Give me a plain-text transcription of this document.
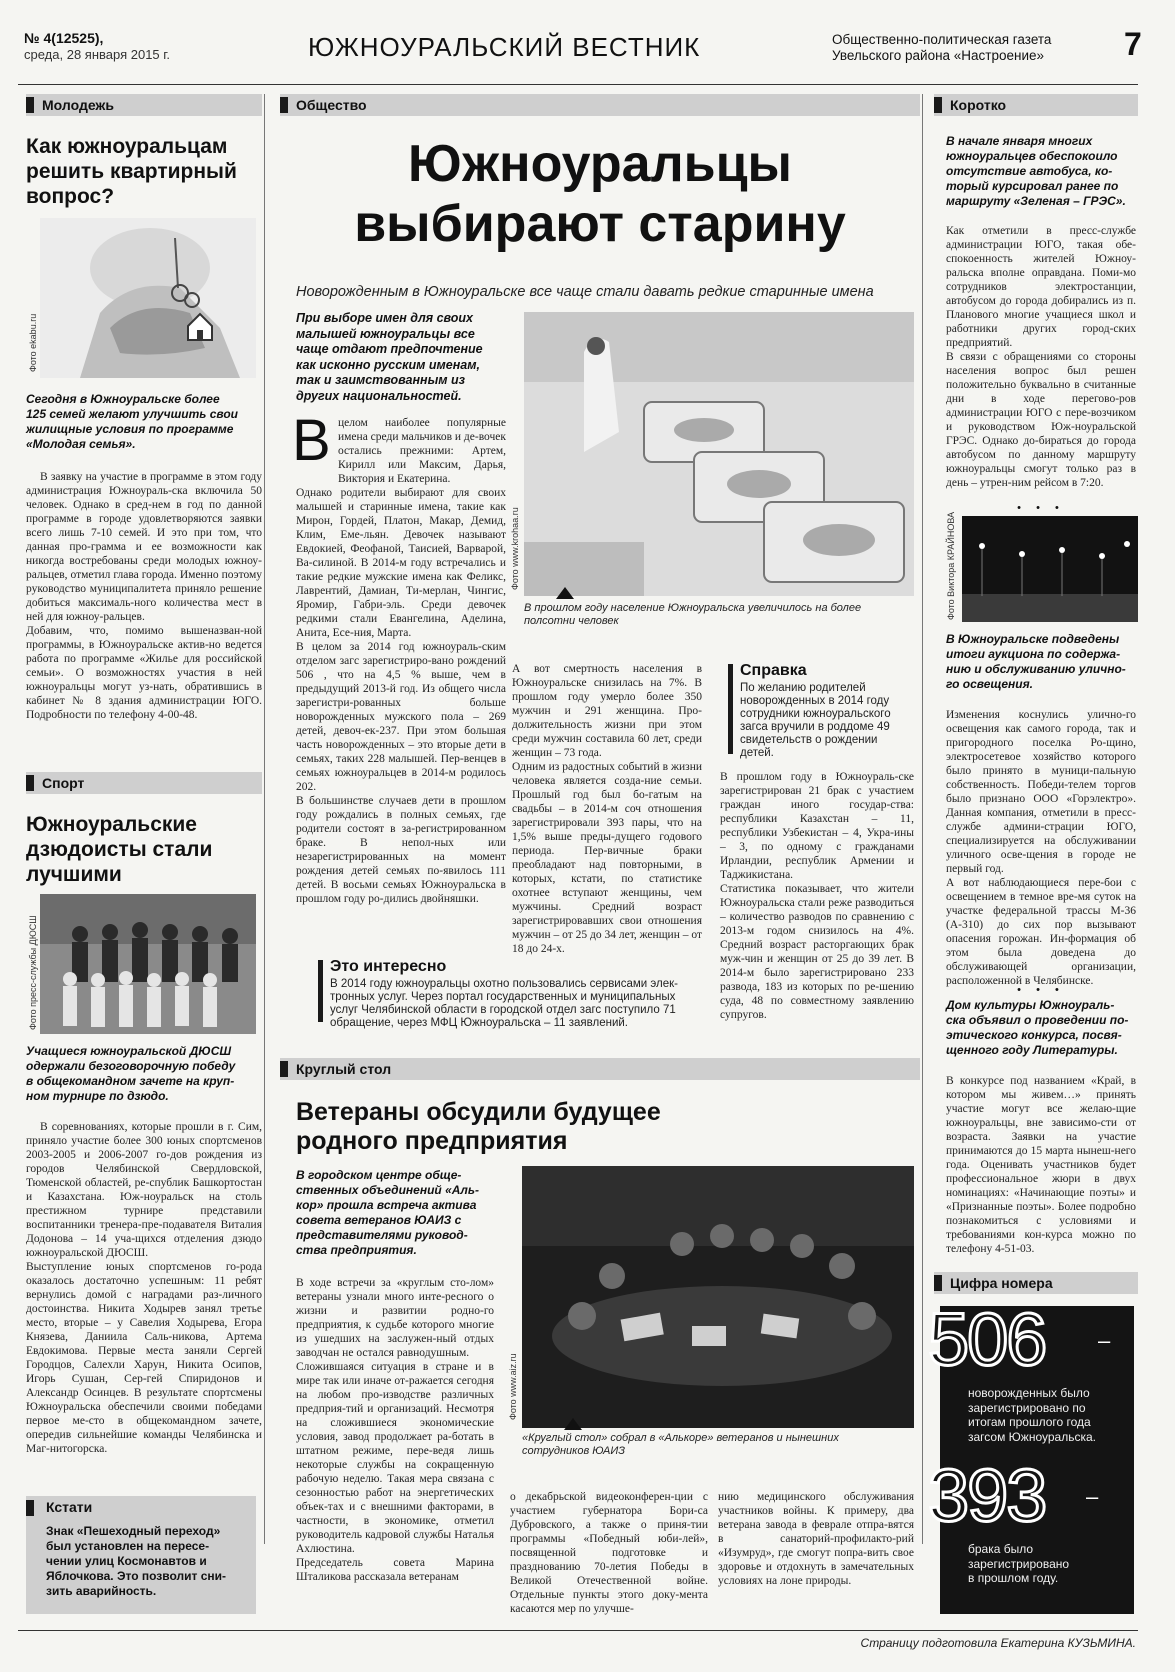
№ 4(12525),
среда, 28 января 2015 г.	ЮЖНОУРАЛЬСКИЙ ВЕСТНИК	Общественно-политическая газета
Увельского района «Настроение» 7
Молодежь
Как южноуральцам
решить квартирный
вопрос?
Фото ekabu.ru
Сегодня в Южноуральске более
125 семей желают улучшить свои
жилищные условия по программе
«Молодая семья».
В заявку на участие в программе в этом году администрация Южноураль-ска включила 50 человек. Однако в сред-нем в год по данной программе в городе удовлетворяются заявки всего лишь 7-10 семей. И это при том, что данная про-грамма и ее возможности как никогда востребованы среди молодых южноу-ральцев, отметил глава города. Именно поэтому руководство муниципалитета приняло решение добиться максималь-ного количества мест в ней для южноу-ральцев.
Добавим, что, помимо вышеназван-ной программы, в Южноуральске актив-но ведется работа по программе «Жилье для российской семьи». О возможностях участия в ней южноуральцы могут уз-нать, обратившись в кабинет № 8 здания администрации ЮГО. Подробности по телефону 4-00-48.
Спорт
Южноуральские
дзюдоисты стали
лучшими
Фото пресс-службы ДЮСШ
Учащиеся южноуральской ДЮСШ
одержали безоговорочную победу
в общекомандном зачете на круп-
ном турнире по дзюдо.
В соревнованиях, которые прошли в г. Сим, приняло участие более 300 юных спортсменов 2003-2005 и 2006-2007 го-дов рождения из городов Челябинской Свердловской, Тюменской областей, ре-спублик Башкортостан и Казахстана. Юж-ноуральск на столь престижном турнире представили воспитанники тренера-пре-подавателя Виталия Додонова – 14 уча-щихся отделения дзюдо южноуральской ДЮСШ.
Выступление юных спортсменов го-рода оказалось достаточно успешным: 11 ребят вернулись домой с наградами раз-личного достоинства. Никита Ходырев занял третье место, вторые – у Савелия Ходырева, Егора Князева, Даниила Саль-никова, Артема Евдокимова. Первые места заняли Сергей Городцов, Салехли Харун, Никита Осипов, Игорь Сушан, Сер-гей Спиридонов и Александр Осинцев. В результате спортсмены Южноуральска обеспечили своими победами первое ме-сто в общекомандном зачете, опередив сильнейшие команды Челябинска и Маг-нитогорска.
Кстати
Знак «Пешеходный переход»
был установлен на пересе-
чении улиц Космонавтов и
Яблочкова. Это позволит сни-
зить аварийность.
Общество
Южноуральцы
выбирают старину
Новорожденным в Южноуральске все чаще стали давать редкие старинные имена
При выборе имен для своих
малышей южноуральцы все
чаще отдают предпочтение
как исконно русским именам,
так и заимствованным из
других национальностей.
Фото www.krohaa.ru
В прошлом году население Южноуральска увеличилось на более
полсотни человек
В целом наиболее популярные имена среди мальчиков и де-вочек остались прежними: Артем, Кирилл или Максим, Дарья, Виктория и Екатерина.
Однако родители выбирают для своих малышей и старинные имена, такие как Мирон, Гордей, Платон, Макар, Демид, Клим, Еме-льян. Девочек называют Евдокией, Феофаной, Таисией, Варварой, Ва-силиной. В 2014-м году встречались и такие редкие мужские имена как Феликс, Лаврентий, Дамиан, Ти-мерлан, Чингис, Яромир, Габри-эль. Среди девочек редкими стали Евангелина, Аделина, Анита, Есе-ния, Марта.
В целом за 2014 год южноураль-ским отделом загс зарегистриро-вано рождений 506 , что на 4,5 % выше, чем в предыдущий 2013-й год. Из общего числа зарегистри-рованных больше новорожденных мужского пола – 269 детей, девоч-ек-237. При этом большая часть новорожденных – это вторые дети в семьях, таких 228 малышей. Пер-венцев в семьях южноуральцев в 2014-м родилось 202.
В большинстве случаев дети в прошлом году рождались в полных семьях, где родители состоят в за-регистрированном браке. В непол-ных или незарегистрированных на момент рождения детей семьях по-явилось 111 детей. В восьми семьях Южноуральска в прошлом году ро-дились двойняшки.
А вот смертность населения в Южноуральске снизилась на 7%. В прошлом году умерло более 350 мужчин и 291 женщина. Про-должительность жизни при этом среди мужчин составила 60 лет, среди женщин – 73 года.
Одним из радостных событий в жизни человека является созда-ние семьи. Прошлый год был бо-гатым на свадьбы – в 2014-м соч отношения зарегистрировали 393 пары, что на 1,5% выше преды-дущего годового периода. Пер-вичные браки преобладают над повторными, в которых, кстати, по статистике охотнее вступают женщины, чем мужчины. Средний возраст зарегистрировавших свои отношения мужчин – от 25 до 34 лет, женщин – от 18 до 24-х.
Справка
По желанию родителей новорожденных в 2014 году сотрудники южноуральского загса вручили в роддоме 49 свидетельств о рождении детей.
В прошлом году в Южноураль-ске зарегистрирован 21 брак с участием граждан иного государ-ства: республики Казахстан – 11, республики Узбекистан – 4, Укра-ины – 3, по одному с гражданами Ирландии, республик Армении и Таджикистана.
Статистика показывает, что жители Южноуральска стали реже разводиться – количество разводов по сравнению с 2013-м годом снизилось на 4%. Средний возраст расторгающих брак муж-чин и женщин от 25 до 39 лет. В 2014-м было зарегистрировано 233 развода, 183 из которых по ре-шению суда, 48 по совместному заявлению супругов.
Это интересно
В 2014 году южноуральцы охотно пользовались сервисами элек-тронных услуг. Через портал государственных и муниципальных услуг Челябинской области в городской отдел загс поступило 71 обращение, через МФЦ Южноуральска – 11 заявлений.
Круглый стол
Ветераны обсудили будущее
родного предприятия
В городском центре обще-
ственных объединений «Аль-
кор» прошла встреча актива
совета ветеранов ЮАИЗ с
представителями руковод-
ства предприятия.
В ходе встречи за «круглым сто-лом» ветераны узнали много инте-ресного о жизни и развитии родно-го предприятия, к судьбе которого многие из ушедших на заслужен-ный отдых заводчан не остался равнодушным.
Сложившаяся ситуация в стране и в мире так или иначе от-ражается сегодня на любом про-изводстве различных предприя-тий и организаций. Несмотря на сложившиеся экономические условия, завод продолжает ра-ботать в штатном режиме, пере-ведя лишь некоторые службы на сокращенную рабочую неделю. Такая мера связана с сезонностью работ на энергетических объек-тах и с внешними факторами, в частности, в экономике, отметил руководитель кадровой службы Наталья Ахлюстина.
Председатель совета Марина Шталикова рассказала ветеранам
Фото www.aiz.ru
«Круглый стол» собрал в «Алькоре» ветеранов и нынешних
сотрудников ЮАИЗ
о декабрьской видеоконферен-ции с участием губернатора Бори-са Дубровского, а также о приня-тии программы «Победный юби-лей», посвященной подготовке и празднованию 70-летия Победы в Великой Отечественной войне. Отдельные пункты этого доку-мента касаются мер по улучше-
нию медицинского обслуживания участников войны. К примеру, два ветерана завода в феврале отпра-вятся в санаторий-профилакто-рий «Изумруд», где смогут попра-вить свое здоровье и отдохнуть в замечательных условиях на лоне природы.
Коротко
В начале января многих
южноуральцев обеспокоило
отсутствие автобуса, ко-
торый курсировал ранее по
маршруту «Зеленая – ГРЭС».
Как отметили в пресс-службе администрации ЮГО, такая обе-спокоенность жителей Южноу-ральска вполне оправдана. Поми-мо сотрудников электростанции, автобусом до города добирались из п. Планового многие учащиеся школ и работники других город-ских предприятий.
В связи с обращениями со стороны населения вопрос был решен положительно буквально в считанные дни в ходе перегово-ров администрации ЮГО с пере-возчиком и руководством Юж-ноуральской ГРЭС. Однако до-бираться до города автобусом по данному маршруту южноуральцы смогут только раз в день – утрен-ним рейсом в 7:20.
• • •
Фото Виктора КРАЙНОВА
В Южноуральске подведены
итоги аукциона по содержа-
нию и обслуживанию улично-
го освещения.
Изменения коснулись улично-го освещения как самого города, так и пригородного поселка Ро-щино, электросетевое хозяйство которого было принято в муници-пальную собственность. Победи-телем торгов было признано ООО «Горэлектро». Данная компания, отметили в пресс-службе админи-страции ЮГО, специализируется на обслуживании уличного осве-щения в городе не первый год.
А вот наблюдающиеся пере-бои с освещением в темное вре-мя суток на участке федеральной трассы М-36 (А-310) до сих пор вызывают опасения горожан. Ин-формация об этом была доведена до обслуживающей организации, расположенной в Челябинске.
• • •
Дом культуры Южноураль-
ска объявил о проведении по-
этического конкурса, посвя-
щенного году Литературы.
В конкурсе под названием «Край, в котором мы живем…» принять участие могут все желаю-щие южноуральцы, вне зависимо-сти от возраста. Заявки на участие принимаются до 15 марта нынеш-него года. Оценивать участников будет профессиональное жюри в двух номинациях: «Начинающие поэты» и «Признанные поэты». Более подробно познакомиться с условиями и требованиями кон-курса можно по телефону 4-51-03.
Цифра номера
506 –
новорожденных было
зарегистрировано по
итогам прошлого года
загсом Южноуральска.
393 –
брака было
зарегистрировано
в прошлом году.
Страницу подготовила Екатерина КУЗЬМИНА.
